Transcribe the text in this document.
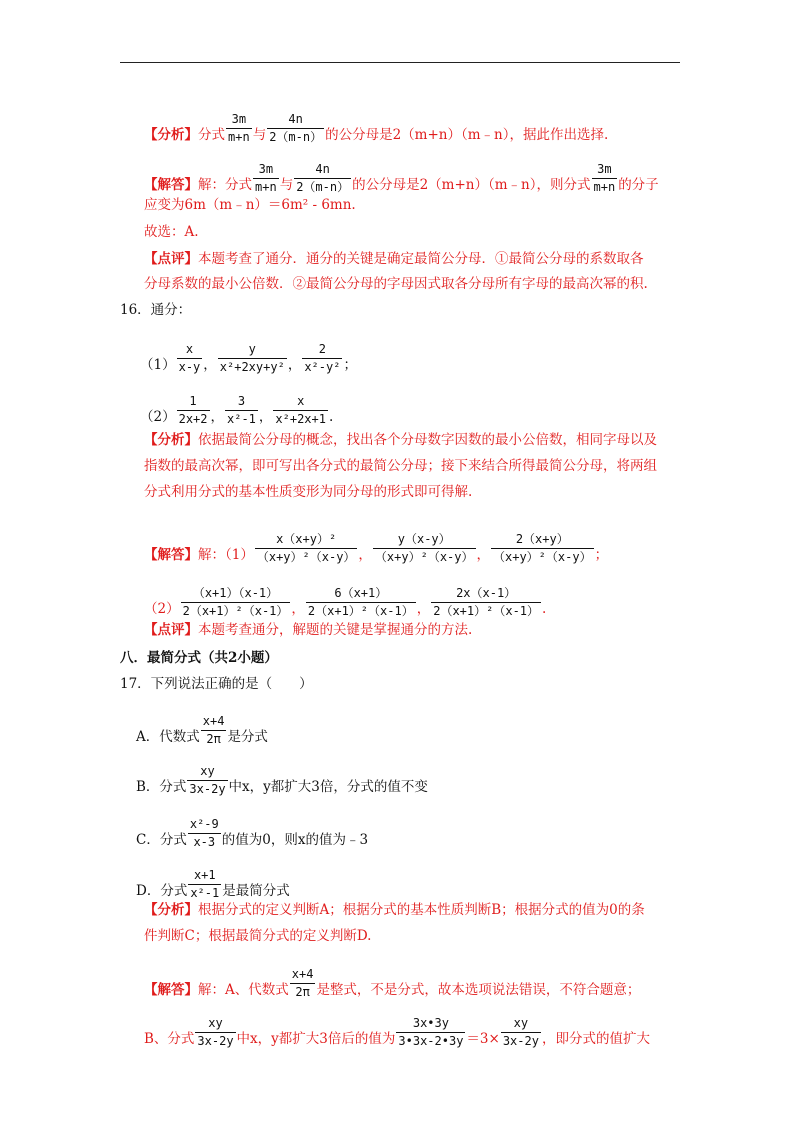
【分析】分式 $\frac{3m}{m+n}$ 与 $\frac{4n}{2(m-n)}$ 的公分母是2（m+n）（m﹣n），据此作出选择.
【解答】解：分式 $\frac{3m}{m+n}$ 与 $\frac{4n}{2(m-n)}$ 的公分母是2（m+n）（m﹣n），则分式 $\frac{3m}{m+n}$ 的分子
应变为6m（m﹣n）＝6m² - 6mn.
故选：A.
【点评】本题考查了通分．通分的关键是确定最简公分母．①最简公分母的系数取各
分母系数的最小公倍数．②最简公分母的字母因式取各分母所有字母的最高次幂的积.
16．通分：
$(1) \frac{x}{x-y}$ ， $\frac{y}{\text{x²+2xy+y²}}$ ， $\frac{2}{\text{x²-y²}}$ ；
$(2) \frac{1}{2x+2}$ ， $\frac{3}{\text{x²-1}}$ ， $\frac{x}{\text{x²+2x+1}}$ .
【分析】依据最简公分母的概念，找出各个分母数字因数的最小公倍数，相同字母以及
指数的最高次幂，即可写出各分式的最简公分母；接下来结合所得最简公分母，将两组
分式利用分式的基本性质变形为同分母的形式即可得解.
【解答】解：$(1) \frac{\text{x（x+y）²}}{\text{（x+y）²（x-y）}}$ ， $\frac{y(x-y)}{\text{（x+y）²（x-y）}}$ ， $\frac{2(x+y)}{\text{（x+y）²（x-y）}}$ ；
$(2) \frac{(x+1)(x-1)}{\text{2（x+1）²（x-1）}}$ ， $\frac{6(x+1)}{\text{2（x+1）²（x-1）}}$ ， $\frac{2x(x-1)}{\text{2（x+1）²（x-1）}}$ .
【点评】本题考查通分，解题的关键是掌握通分的方法.
八．最简分式（共2小题）
17．下列说法正确的是（　　）
A．代数式 $\frac{x+4}{2\pi}$ 是分式
B．分式 $\frac{xy}{3x-2y}$ 中x，y都扩大3倍，分式的值不变
C．分式 $\frac{\text{x²-9}}{x-3}$ 的值为0，则x的值为﹣3
D．分式 $\frac{x+1}{\text{x²-1}}$ 是最简分式
【分析】根据分式的定义判断A；根据分式的基本性质判断B；根据分式的值为0的条
件判断C；根据最简分式的定义判断D.
【解答】解：A、代数式 $\frac{x+4}{2\pi}$ 是整式，不是分式，故本选项说法错误，不符合题意；
B、分式 $\frac{xy}{3x-2y}$ 中x，y都扩大3倍后的值为 $\frac{3x•3y}{3•3x-2•3y} =3\times \frac{xy}{3x-2y}$ ，即分式的值扩大
